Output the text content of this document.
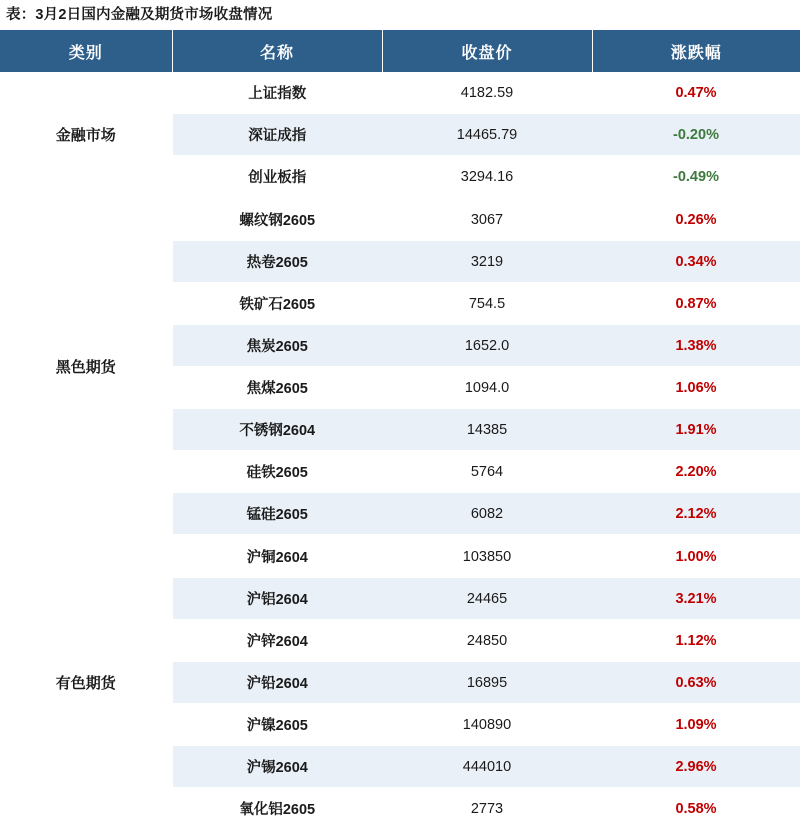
表：3月2日国内金融及期货市场收盘情况
类别	名称	收盘价	涨跌幅
金融市场	上证指数	4182.59	0.47%
	深证成指	14465.79	-0.20%
	创业板指	3294.16	-0.49%
黑色期货	螺纹钢2605	3067	0.26%
	热卷2605	3219	0.34%
	铁矿石2605	754.5	0.87%
	焦炭2605	1652.0	1.38%
	焦煤2605	1094.0	1.06%
	不锈钢2604	14385	1.91%
	硅铁2605	5764	2.20%
	锰硅2605	6082	2.12%
有色期货	沪铜2604	103850	1.00%
	沪铝2604	24465	3.21%
	沪锌2604	24850	1.12%
	沪铅2604	16895	0.63%
	沪镍2605	140890	1.09%
	沪锡2604	444010	2.96%
	氧化铝2605	2773	0.58%
